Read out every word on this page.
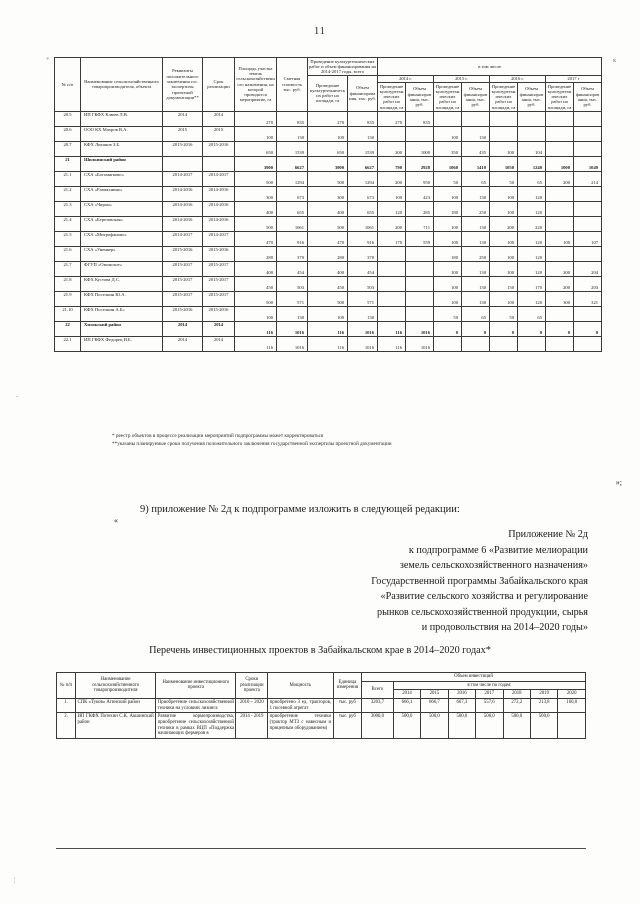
11
*
-
к
№ п/п	Наименование сельскохозяйственного товаропроизводителя, объекта	Реквизиты положительного заключения гос. экспертизы проектной документации**	Срок реализации	Площадь участка земель сельскохозяйственного назначения, на которой проводится мероприятие, га	Сметная стоимость тыс. руб.	Проведение культуртехнических работ и объем финансирования на 2014-2017 годы, всего		в том числе							
						Проведение культуртехнических работ на площади, га	Объем финансирования, тыс. руб.	2014 г.		2015 г.		2016 г.		2017 г	
								Проведение культуртехнических работ на площади, га	Объем финансирования, тыс. руб.	Проведение культуртехнических работ на площади, га	Объем финансирования, тыс. руб.	Проведение культуртехнических работ на площади, га	Объем финансирования, тыс. руб.	Проведение культуртехнических работ на площади, га	Объем финансирования, тыс. руб.
20.5	ИП ГКФХ Клюев Л.В.	2014	2014	270	835	270	835	270	835						
20.6	ООО КХ Махров В.А.	2015	2015	100	130	100	130			100	130				
20.7	КФХ Лиханов З.Б.	2015-2016	2015-2016	650	1539	650	1539	200	1000	350	435	100	104		
21	Шилкинский район			3900	6627	3900	6627	790	2928	1060	1410	1050	1240	1000	1049
21.1	СХА «Богомягково»	2014-2017	2014-2017	500	1294	500	1294	200	950	50	65	50	65	200	214
21.2	СХА «Размахнино»	2014-2016	2014-2016	300	673	300	673	100	423	100	130	100	120		
21.3	СХА «Чирон»	2014-2016	2014-2016	400	655	400	655	120	285	180	250	100	120		
21.4	СХА «Березовская»	2014-2016	2014-2016	500	1061	500	1061	200	711	100	130	200	220		
21.5	СХА «Митрофаново»	2014-2017	2014-2017	470	916	470	916	170	559	100	130	100	120	100	107
21.6	СХА «Уненкер»	2015-2016	2015-2016	280	370	280	370			180	250	100	120		
21.7	ФГУП «Омонское»	2015-2017	2015-2017	400	454	400	454			100	130	100	120	200	204
21.8	КФХ Кустова Д.С.	2015-2017	2015-2017	450	503	450	503			100	130	150	170	200	203
21.9	КФХ Поселкин Ю.А.	2015-2017	2015-2017	500	571	500	571			100	130	100	120	300	321
21.10	КФХ Поселкин А.Б»	2015-2016	2015-2016	100	130	100	130			50	65	50	65		
22	Хилокский район	2014	2014	116	1016	116	1016	116	1016	0	0	0	0	0	0
22.1	ИП ГКФХ Федорец И.Б.	2014	2014	116	1016	116	1016	116	1016						
* реестр объектов в процессе реализации мероприятий подпрограммы может корректироваться
**указаны планируемые сроки получения положительного заключения государственной экспертизы проектной документации
»;
9) приложение № 2д к подпрограмме изложить в следующей редакции:
«
Приложение № 2д
к подпрограмме 6 «Развитие мелиорации
земель сельскохозяйственного назначения»
Государственной программы Забайкальского края
«Развитие сельского хозяйства и регулирование
рынков сельскохозяйственной продукции, сырья
и продовольствия на 2014–2020 годы»
Перечень инвестиционных проектов в Забайкальском крае в 2014–2020 годах*
№ п/п	Наименование сельскохозяйственного товаропроизводителя	Наименование инвестиционного проекта	Сроки реализации проекта	Мощность	Единица измерения	Объем инвестиций							
						Всего	в том числе по годам:						
							2014	2015	2016	2017	2018	2019	2020
1.	СПК «Туков» Агинский район	Приобретение сельскохозяйственной техники на условиях лизинга	2010 – 2020	приобретено 3 ед. тракторов, 1 посевной агрегат	тыс. руб	3203,7	666,1	666,7	667,3	557,6	272,2	213,8	160,0
2.	ИП ГКФХ Потехин С.К. Акшинский район	Развитие кормопроизводства, приобретение сельскохозяйственной техники в рамках ВЦП «Поддержка начинающих фермеров в	2014 - 2019	приобретение техники (трактор МТЗ с навесным и прицепным оборудованием)	тыс. руб	3000,0	500,0	500,0	500,0	500,0	500,0	500,0	
¦
